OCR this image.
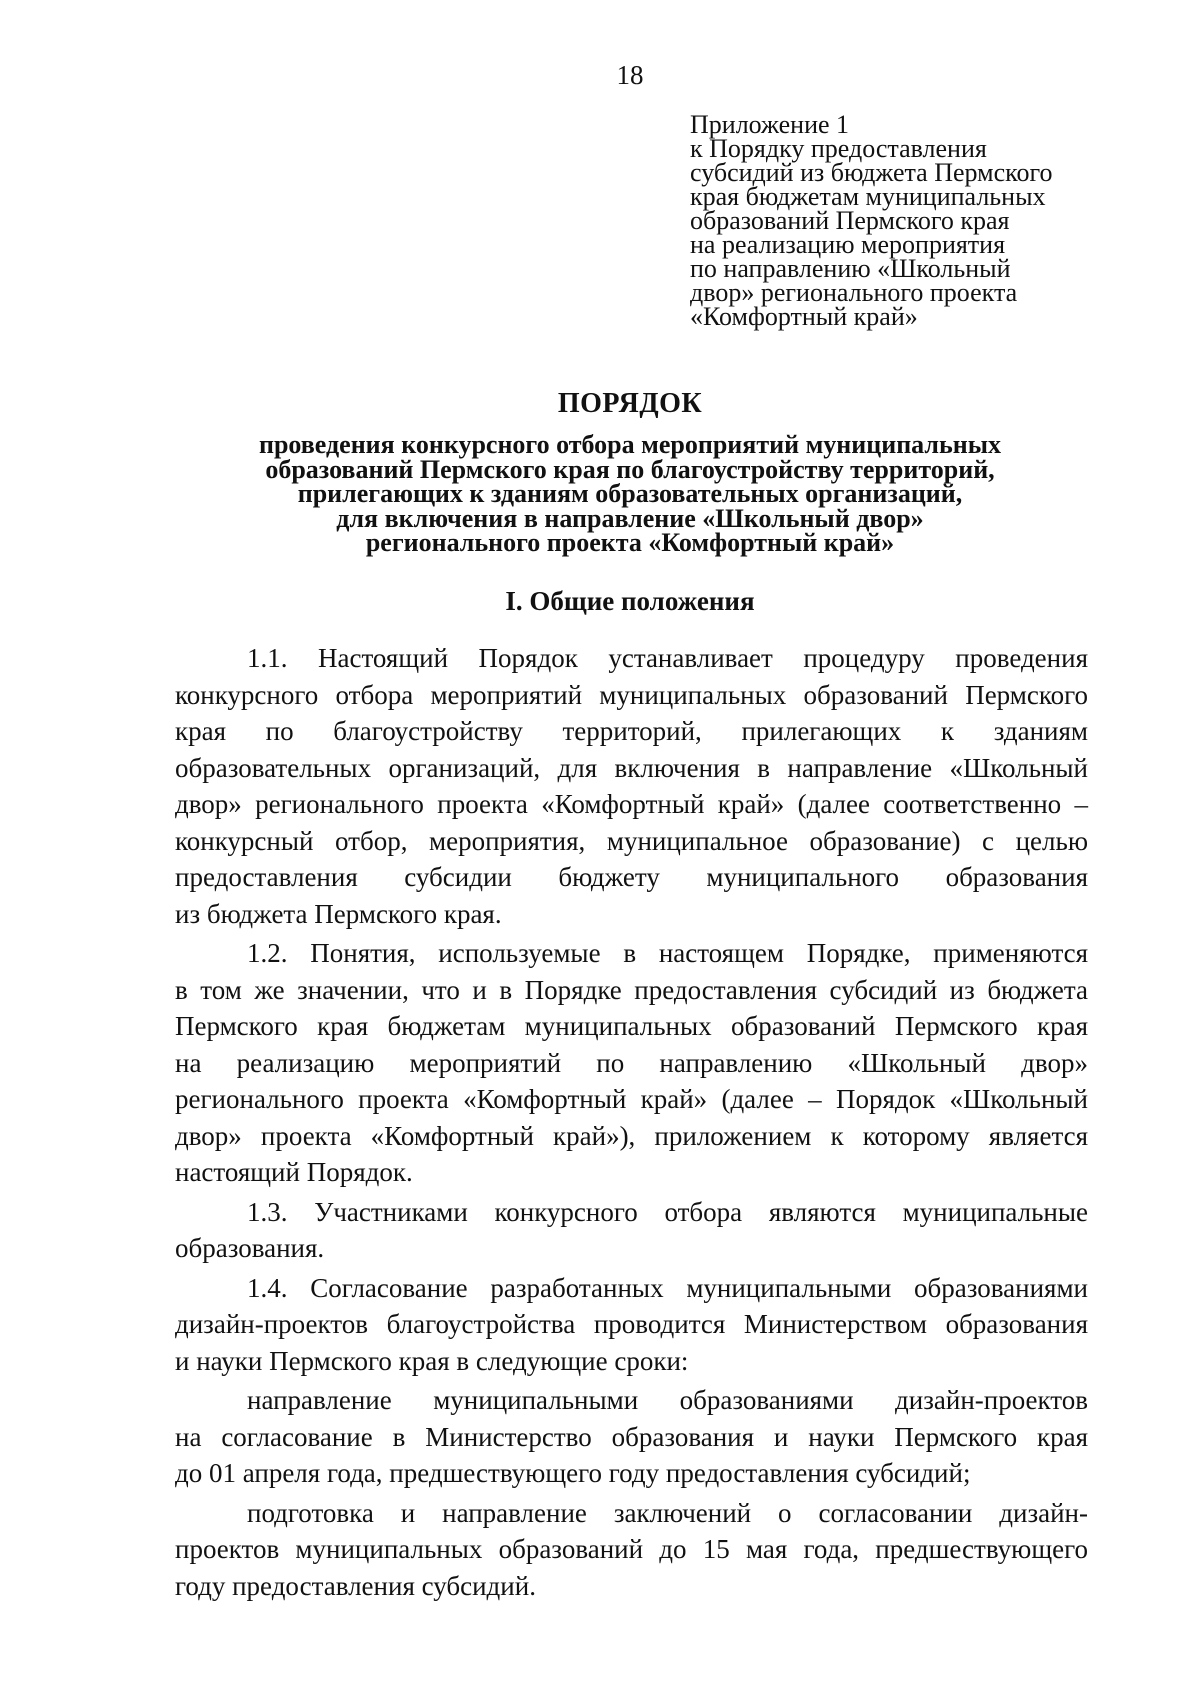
18
Приложение 1
к Порядку предоставления
субсидий из бюджета Пермского
края бюджетам муниципальных
образований Пермского края
на реализацию мероприятия
по направлению «Школьный
двор» регионального проекта
«Комфортный край»
ПОРЯДОК
проведения конкурсного отбора мероприятий муниципальных
образований Пермского края по благоустройству территорий,
прилегающих к зданиям образовательных организаций,
для включения в направление «Школьный двор»
регионального проекта «Комфортный край»
I. Общие положения
1.1. Настоящий Порядок устанавливает процедуру проведения
конкурсного отбора мероприятий муниципальных образований Пермского
края по благоустройству территорий, прилегающих к зданиям
образовательных организаций, для включения в направление «Школьный
двор» регионального проекта «Комфортный край» (далее соответственно –
конкурсный отбор, мероприятия, муниципальное образование) с целью
предоставления субсидии бюджету муниципального образования
из бюджета Пермского края.
1.2. Понятия, используемые в настоящем Порядке, применяются
в том же значении, что и в Порядке предоставления субсидий из бюджета
Пермского края бюджетам муниципальных образований Пермского края
на реализацию мероприятий по направлению «Школьный двор»
регионального проекта «Комфортный край» (далее – Порядок «Школьный
двор» проекта «Комфортный край»), приложением к которому является
настоящий Порядок.
1.3. Участниками конкурсного отбора являются муниципальные
образования.
1.4. Согласование разработанных муниципальными образованиями
дизайн-проектов благоустройства проводится Министерством образования
и науки Пермского края в следующие сроки:
направление муниципальными образованиями дизайн-проектов
на согласование в Министерство образования и науки Пермского края
до 01 апреля года, предшествующего году предоставления субсидий;
подготовка и направление заключений о согласовании дизайн-
проектов муниципальных образований до 15 мая года, предшествующего
году предоставления субсидий.
